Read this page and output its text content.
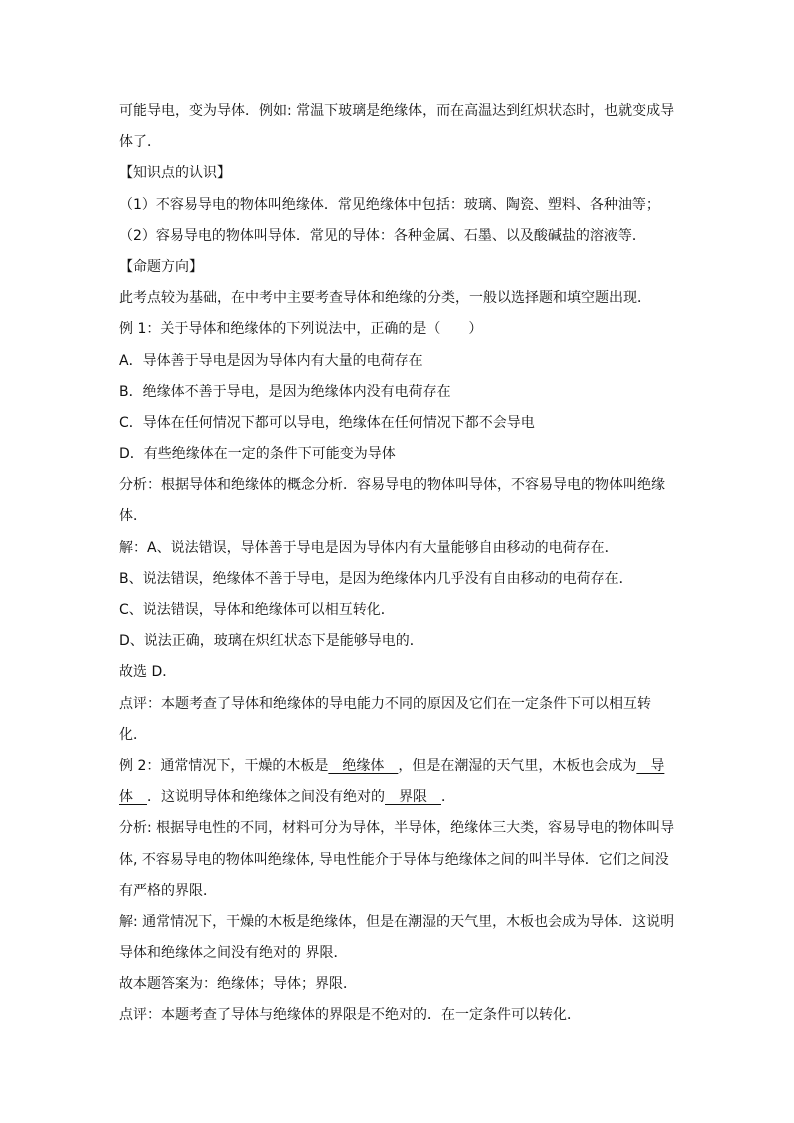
可能导电，变为导体．例如: 常温下玻璃是绝缘体，而在高温达到红炽状态时，也就变成导
体了．
【知识点的认识】
（1）不容易导电的物体叫绝缘体．常见绝缘体中包括：玻璃、陶瓷、塑料、各种油等；
（2）容易导电的物体叫导体．常见的导体：各种金属、石墨、以及酸碱盐的溶液等．
【命题方向】
此考点较为基础，在中考中主要考查导体和绝缘的分类，一般以选择题和填空题出现．
例 1：关于导体和绝缘体的下列说法中，正确的是（　　）
A．导体善于导电是因为导体内有大量的电荷存在
B．绝缘体不善于导电，是因为绝缘体内没有电荷存在
C．导体在任何情况下都可以导电，绝缘体在任何情况下都不会导电
D．有些绝缘体在一定的条件下可能变为导体
分析：根据导体和绝缘体的概念分析．容易导电的物体叫导体，不容易导电的物体叫绝缘
体．
解：A、说法错误，导体善于导电是因为导体内有大量能够自由移动的电荷存在．
B、说法错误，绝缘体不善于导电，是因为绝缘体内几乎没有自由移动的电荷存在．
C、说法错误，导体和绝缘体可以相互转化．
D、说法正确，玻璃在炽红状态下是能够导电的．
故选 D．
点评：本题考查了导体和绝缘体的导电能力不同的原因及它们在一定条件下可以相互转
化．
例 2：通常情况下，干燥的木板是　绝缘体　，但是在潮湿的天气里，木板也会成为　导
体　．这说明导体和绝缘体之间没有绝对的　界限　．
分析: 根据导电性的不同，材料可分为导体，半导体，绝缘体三大类，容易导电的物体叫导
体, 不容易导电的物体叫绝缘体, 导电性能介于导体与绝缘体之间的叫半导体．它们之间没
有严格的界限．
解: 通常情况下，干燥的木板是绝缘体，但是在潮湿的天气里，木板也会成为导体．这说明
导体和绝缘体之间没有绝对的 界限．
故本题答案为：绝缘体；导体；界限．
点评：本题考查了导体与绝缘体的界限是不绝对的．在一定条件可以转化．
